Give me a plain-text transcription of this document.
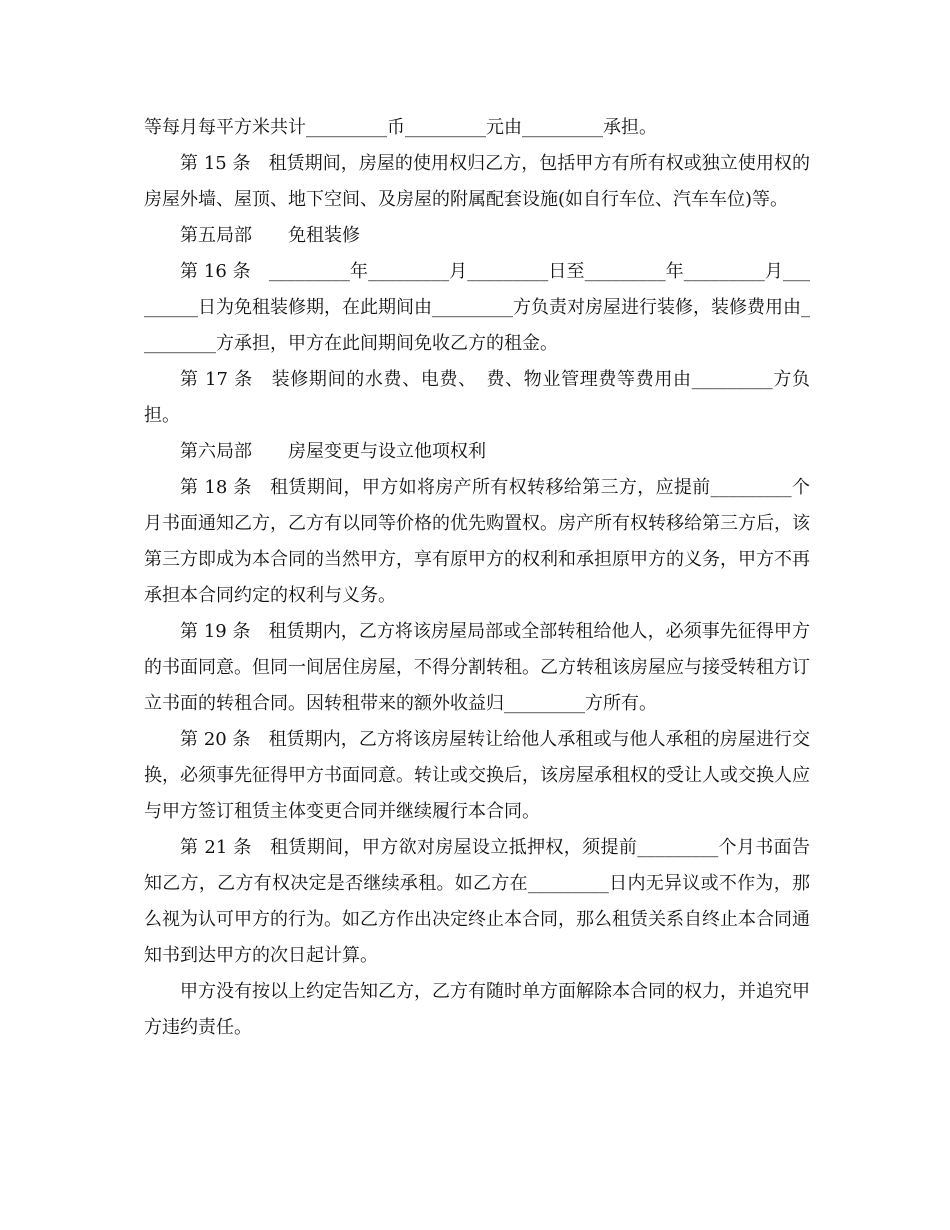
等每月每平方米共计_________币_________元由_________承担。

第 15 条　租赁期间，房屋的使用权归乙方，包括甲方有所有权或独立使用权的房屋外墙、屋顶、地下空间、及房屋的附属配套设施(如自行车位、汽车车位)等。

第五局部　　免租装修

第 16 条　_________年_________月_________日至_________年_________月_________日为免租装修期，在此期间由_________方负责对房屋进行装修，装修费用由_________方承担，甲方在此间期间免收乙方的租金。

第 17 条　装修期间的水费、电费、　费、物业管理费等费用由_________方负担。

第六局部　　房屋变更与设立他项权利

第 18 条　租赁期间，甲方如将房产所有权转移给第三方，应提前_________个月书面通知乙方，乙方有以同等价格的优先购置权。房产所有权转移给第三方后，该第三方即成为本合同的当然甲方，享有原甲方的权利和承担原甲方的义务，甲方不再承担本合同约定的权利与义务。

第 19 条　租赁期内，乙方将该房屋局部或全部转租给他人，必须事先征得甲方的书面同意。但同一间居住房屋，不得分割转租。乙方转租该房屋应与接受转租方订立书面的转租合同。因转租带来的额外收益归_________方所有。

第 20 条　租赁期内，乙方将该房屋转让给他人承租或与他人承租的房屋进行交换，必须事先征得甲方书面同意。转让或交换后，该房屋承租权的受让人或交换人应与甲方签订租赁主体变更合同并继续履行本合同。

第 21 条　租赁期间，甲方欲对房屋设立抵押权，须提前_________个月书面告知乙方，乙方有权决定是否继续承租。如乙方在_________日内无异议或不作为，那么视为认可甲方的行为。如乙方作出决定终止本合同，那么租赁关系自终止本合同通知书到达甲方的次日起计算。

甲方没有按以上约定告知乙方，乙方有随时单方面解除本合同的权力，并追究甲方违约责任。
